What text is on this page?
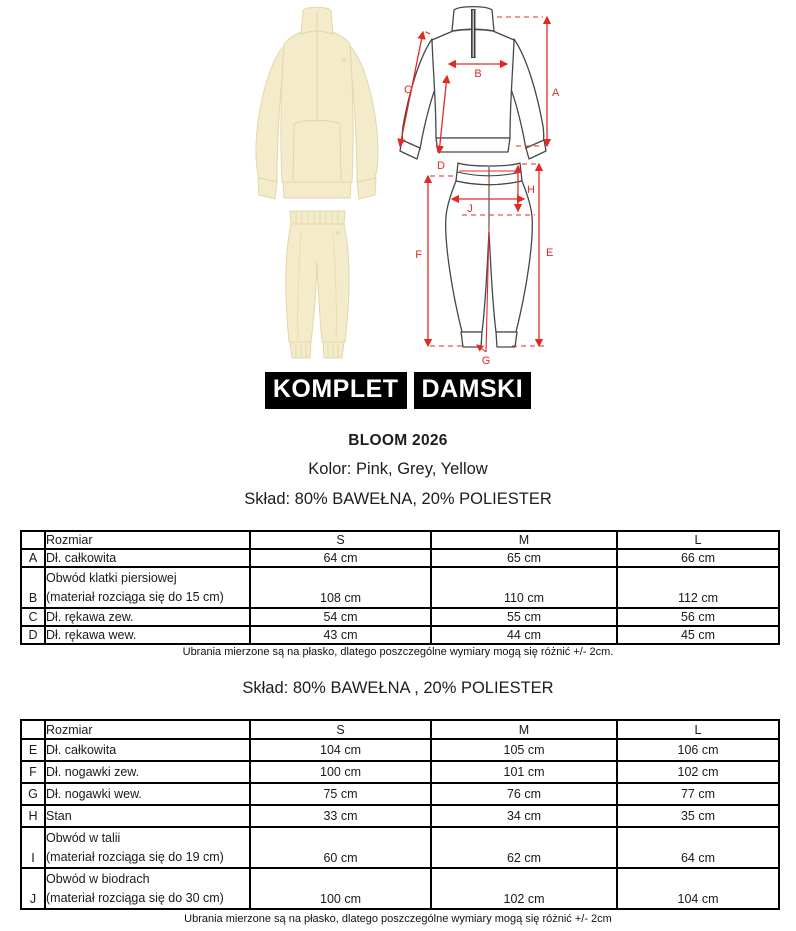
A
B
C
D
I
J
H
E
F
G
KOMPLET DAMSKI
BLOOM 2026
Kolor: Pink, Grey, Yellow
Skład: 80% BAWEŁNA, 20% POLIESTER
	Rozmiar	S	M	L
A	Dł. całkowita	64 cm	65 cm	66 cm
B	Obwód klatki piersiowej
(materiał rozciąga się do 15 cm)	108 cm	110 cm	112 cm
C	Dł. rękawa zew.	54 cm	55 cm	56 cm
D	Dł. rękawa wew.	43 cm	44 cm	45 cm
Ubrania mierzone są na płasko, dlatego poszczególne wymiary mogą się różnić +/- 2cm.
Skład: 80% BAWEŁNA , 20% POLIESTER
	Rozmiar	S	M	L
E	Dł. całkowita	104 cm	105 cm	106 cm
F	Dł. nogawki zew.	100 cm	101 cm	102 cm
G	Dł. nogawki wew.	75 cm	76 cm	77 cm
H	Stan	33 cm	34 cm	35 cm
I	Obwód w talii
(materiał rozciąga się do 19 cm)	60 cm	62 cm	64 cm
J	Obwód w biodrach
(materiał rozciąga się do 30 cm)	100 cm	102 cm	104 cm
Ubrania mierzone są na płasko, dlatego poszczególne wymiary mogą się różnić +/- 2cm
